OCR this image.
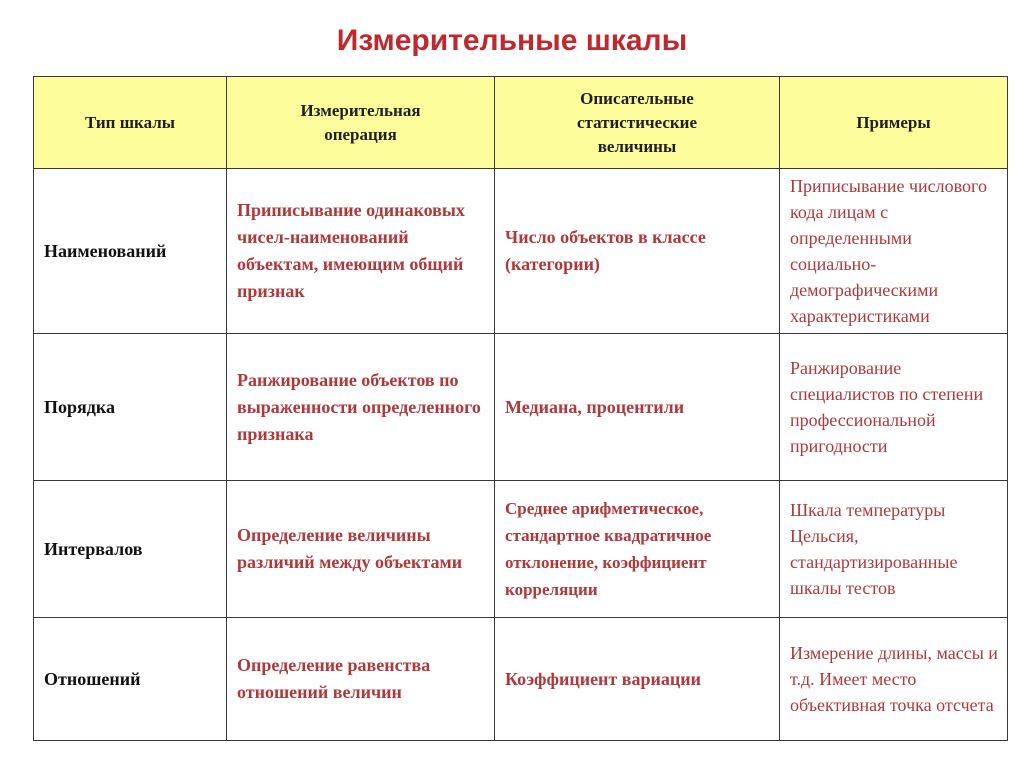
Измерительные шкалы
Тип шкалы	Измерительная операция	Описательные статистические величины	Примеры
Наименований	Приписывание одинаковых чисел-наименований объектам, имеющим общий признак	Число объектов в классе (категории)	Приписывание числового кода лицам с определенными социально-демографическими характеристиками
Порядка	Ранжирование объектов по выраженности определенного признака	Медиана, процентили	Ранжирование специалистов по степени профессиональной пригодности
Интервалов	Определение величины различий между объектами	Среднее арифметическое, стандартное квадратичное отклонение, коэффициент корреляции	Шкала температуры Цельсия, стандартизированные шкалы тестов
Отношений	Определение равенства отношений величин	Коэффициент вариации	Измерение длины, массы и т.д. Имеет место объективная точка отсчета
